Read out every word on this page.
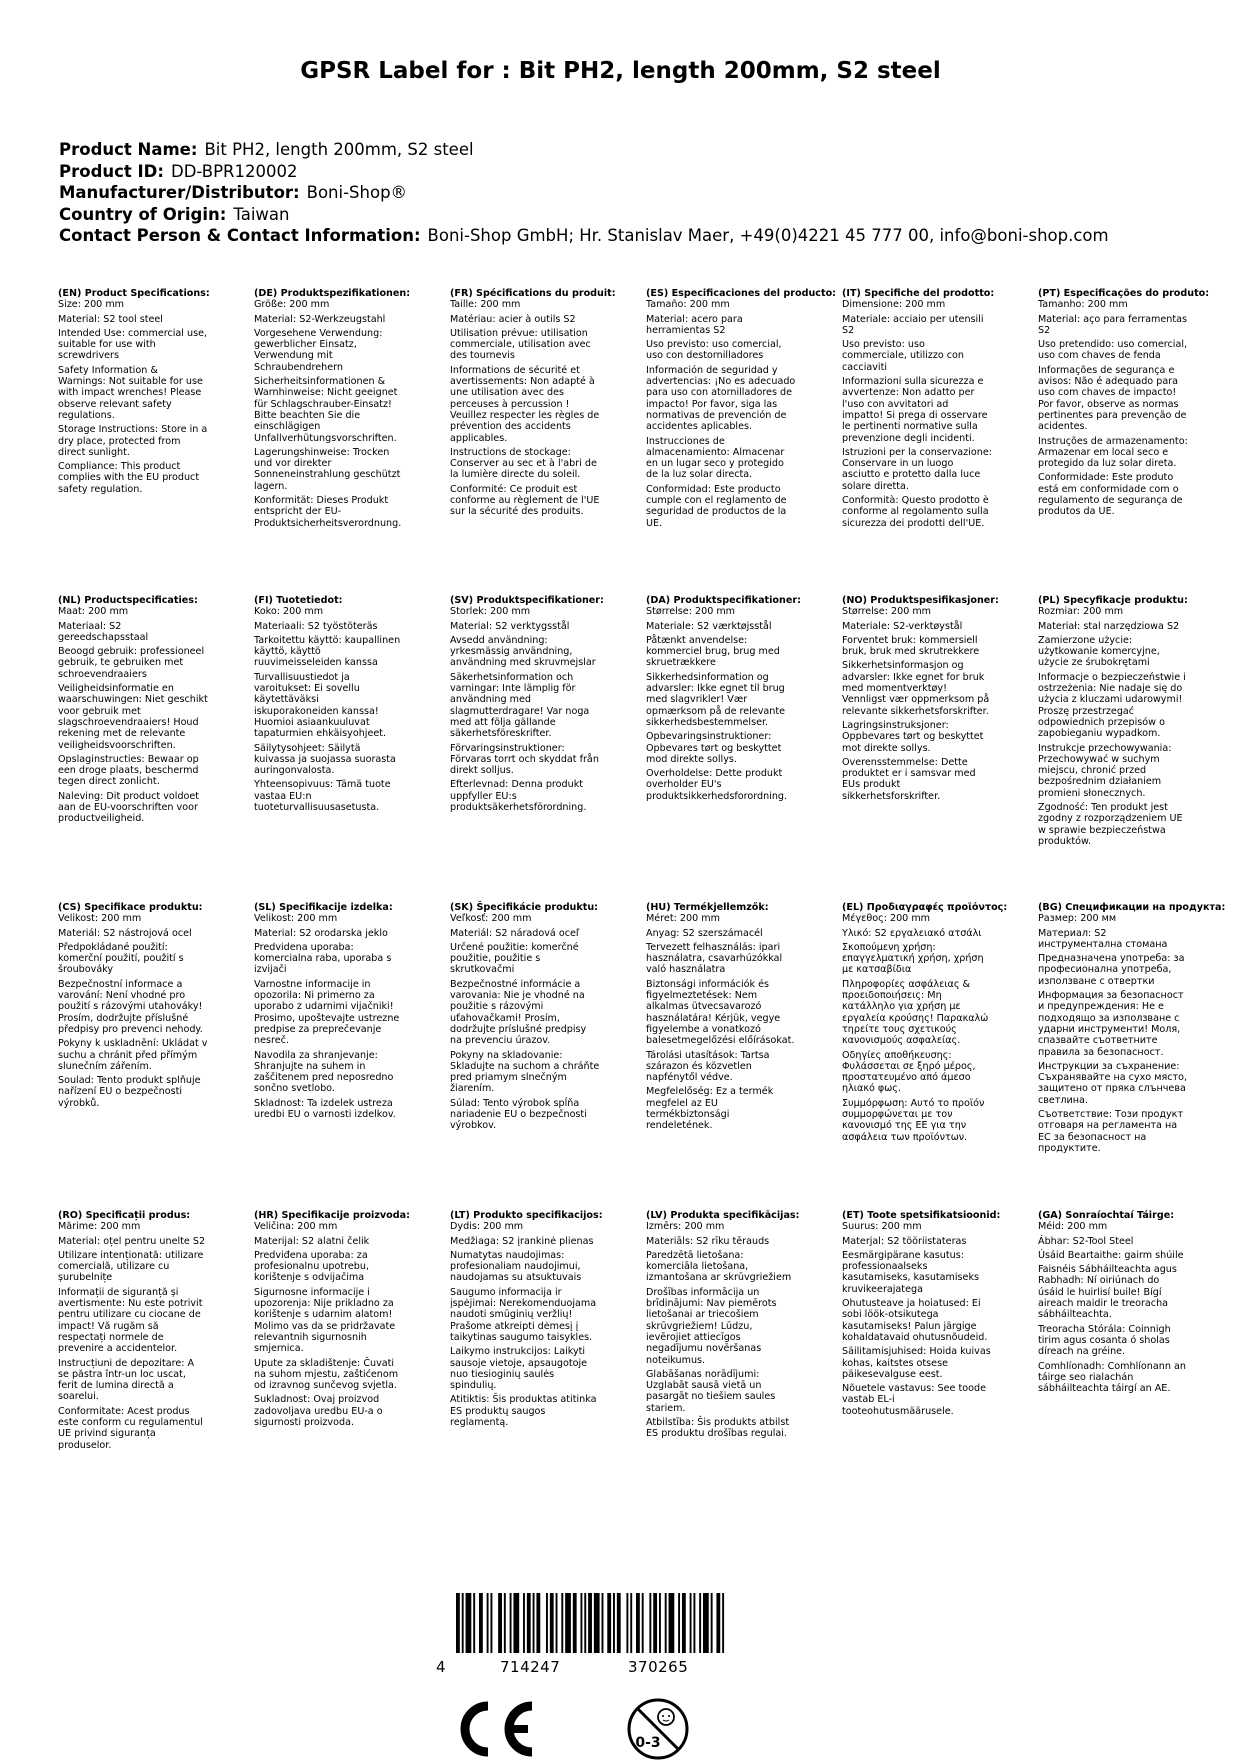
GPSR Label for : Bit PH2, length 200mm, S2 steel
Product Name: Bit PH2, length 200mm, S2 steel
Product ID: DD-BPR120002
Manufacturer/Distributor: Boni-Shop®
Country of Origin: Taiwan
Contact Person & Contact Information: Boni-Shop GmbH; Hr. Stanislav Maer, +49(0)4221 45 777 00, info@boni-shop.com
(EN) Product Specifications:
Size: 200 mm
Material: S2 tool steel
Intended Use: commercial use, suitable for use with screwdrivers
Safety Information & Warnings: Not suitable for use with impact wrenches! Please observe relevant safety regulations.
Storage Instructions: Store in a dry place, protected from direct sunlight.
Compliance: This product complies with the EU product safety regulation.
(DE) Produktspezifikationen:
Größe: 200 mm
Material: S2-Werkzeugstahl
Vorgesehene Verwendung: gewerblicher Einsatz, Verwendung mit Schraubendrehern
Sicherheitsinformationen & Warnhinweise: Nicht geeignet für Schlagschrauber-Einsatz! Bitte beachten Sie die einschlägigen Unfallverhütungsvorschriften.
Lagerungshinweise: Trocken und vor direkter Sonneneinstrahlung geschützt lagern.
Konformität: Dieses Produkt entspricht der EU-Produktsicherheitsverordnung.
(FR) Spécifications du produit:
Taille: 200 mm
Matériau: acier à outils S2
Utilisation prévue: utilisation commerciale, utilisation avec des tournevis
Informations de sécurité et avertissements: Non adapté à une utilisation avec des perceuses à percussion ! Veuillez respecter les règles de prévention des accidents applicables.
Instructions de stockage: Conserver au sec et à l'abri de la lumière directe du soleil.
Conformité: Ce produit est conforme au règlement de l'UE sur la sécurité des produits.
(ES) Especificaciones del producto:
Tamaño: 200 mm
Material: acero para herramientas S2
Uso previsto: uso comercial, uso con destornilladores
Información de seguridad y advertencias: ¡No es adecuado para uso con atornilladores de impacto! Por favor, siga las normativas de prevención de accidentes aplicables.
Instrucciones de almacenamiento: Almacenar en un lugar seco y protegido de la luz solar directa.
Conformidad: Este producto cumple con el reglamento de seguridad de productos de la UE.
(IT) Specifiche del prodotto:
Dimensione: 200 mm
Materiale: acciaio per utensili S2
Uso previsto: uso commerciale, utilizzo con cacciaviti
Informazioni sulla sicurezza e avvertenze: Non adatto per l'uso con avvitatori ad impatto! Si prega di osservare le pertinenti normative sulla prevenzione degli incidenti.
Istruzioni per la conservazione: Conservare in un luogo asciutto e protetto dalla luce solare diretta.
Conformità: Questo prodotto è conforme al regolamento sulla sicurezza dei prodotti dell'UE.
(PT) Especificações do produto:
Tamanho: 200 mm
Material: aço para ferramentas S2
Uso pretendido: uso comercial, uso com chaves de fenda
Informações de segurança e avisos: Não é adequado para uso com chaves de impacto! Por favor, observe as normas pertinentes para prevenção de acidentes.
Instruções de armazenamento: Armazenar em local seco e protegido da luz solar direta.
Conformidade: Este produto está em conformidade com o regulamento de segurança de produtos da UE.
(NL) Productspecificaties:
Maat: 200 mm
Materiaal: S2 gereedschapsstaal
Beoogd gebruik: professioneel gebruik, te gebruiken met schroevendraaiers
Veiligheidsinformatie en waarschuwingen: Niet geschikt voor gebruik met slagschroevendraaiers! Houd rekening met de relevante veiligheidsvoorschriften.
Opslaginstructies: Bewaar op een droge plaats, beschermd tegen direct zonlicht.
Naleving: Dit product voldoet aan de EU-voorschriften voor productveiligheid.
(FI) Tuotetiedot:
Koko: 200 mm
Materiaali: S2 työstöteräs
Tarkoitettu käyttö: kaupallinen käyttö, käyttö ruuvimeisseleiden kanssa
Turvallisuustiedot ja varoitukset: Ei sovellu käytettäväksi iskuporakoneiden kanssa! Huomioi asiaankuuluvat tapaturmien ehkäisyohjeet.
Säilytysohjeet: Säilytä kuivassa ja suojassa suorasta auringonvalosta.
Yhteensopivuus: Tämä tuote vastaa EU:n tuoteturvallisuusasetusta.
(SV) Produktspecifikationer:
Storlek: 200 mm
Material: S2 verktygsstål
Avsedd användning: yrkesmässig användning, användning med skruvmejslar
Säkerhetsinformation och varningar: Inte lämplig för användning med slagmutterdragare! Var noga med att följa gällande säkerhetsföreskrifter.
Förvaringsinstruktioner: Förvaras torrt och skyddat från direkt solljus.
Efterlevnad: Denna produkt uppfyller EU:s produktsäkerhetsförordning.
(DA) Produktspecifikationer:
Størrelse: 200 mm
Materiale: S2 værktøjsstål
Påtænkt anvendelse: kommerciel brug, brug med skruetrækkere
Sikkerhedsinformation og advarsler: Ikke egnet til brug med slagvrikler! Vær opmærksom på de relevante sikkerhedsbestemmelser.
Opbevaringsinstruktioner: Opbevares tørt og beskyttet mod direkte sollys.
Overholdelse: Dette produkt overholder EU's produktsikkerhedsforordning.
(NO) Produktspesifikasjoner:
Størrelse: 200 mm
Materiale: S2-verktøystål
Forventet bruk: kommersiell bruk, bruk med skrutrekkere
Sikkerhetsinformasjon og advarsler: Ikke egnet for bruk med momentverktøy! Vennligst vær oppmerksom på relevante sikkerhetsforskrifter.
Lagringsinstruksjoner: Oppbevares tørt og beskyttet mot direkte sollys.
Overensstemmelse: Dette produktet er i samsvar med EUs produkt sikkerhetsforskrifter.
(PL) Specyfikacje produktu:
Rozmiar: 200 mm
Materiał: stal narzędziowa S2
Zamierzone użycie: użytkowanie komercyjne, użycie ze śrubokrętami
Informacje o bezpieczeństwie i ostrzeżenia: Nie nadaje się do użycia z kluczami udarowymi! Proszę przestrzegać odpowiednich przepisów o zapobieganiu wypadkom.
Instrukcje przechowywania: Przechowywać w suchym miejscu, chronić przed bezpośrednim działaniem promieni słonecznych.
Zgodność: Ten produkt jest zgodny z rozporządzeniem UE w sprawie bezpieczeństwa produktów.
(CS) Specifikace produktu:
Velikost: 200 mm
Materiál: S2 nástrojová ocel
Předpokládané použití: komerční použití, použití s šroubováky
Bezpečnostní informace a varování: Není vhodné pro použití s rázovými utahováky! Prosím, dodržujte příslušné předpisy pro prevenci nehody.
Pokyny k uskladnění: Ukládat v suchu a chránit před přímým slunečním zářením.
Soulad: Tento produkt splňuje nařízení EU o bezpečnosti výrobků.
(SL) Specifikacije izdelka:
Velikost: 200 mm
Material: S2 orodarska jeklo
Predvidena uporaba: komercialna raba, uporaba s izvijači
Varnostne informacije in opozorila: Ni primerno za uporabo z udarnimi vijačniki! Prosimo, upoštevajte ustrezne predpise za preprečevanje nesreč.
Navodila za shranjevanje: Shranjujte na suhem in zaščitenem pred neposredno sončno svetlobo.
Skladnost: Ta izdelek ustreza uredbi EU o varnosti izdelkov.
(SK) Špecifikácie produktu:
Veľkosť: 200 mm
Materiál: S2 náradová oceľ
Určené použitie: komerčné použitie, použitie s skrutkovačmi
Bezpečnostné informácie a varovania: Nie je vhodné na použitie s rázovými uťahovačkami! Prosím, dodržujte príslušné predpisy na prevenciu úrazov.
Pokyny na skladovanie: Skladujte na suchom a chráňte pred priamym slnečným žiarením.
Súlad: Tento výrobok spĺňa nariadenie EU o bezpečnosti výrobkov.
(HU) Termékjellemzők:
Méret: 200 mm
Anyag: S2 szerszámacél
Tervezett felhasználás: ipari használatra, csavarhúzókkal való használatra
Biztonsági információk és figyelmeztetések: Nem alkalmas ütvecsavarozó használatára! Kérjük, vegye figyelembe a vonatkozó balesetmegelőzési előírásokat.
Tárolási utasítások: Tartsa szárazon és közvetlen napfénytől védve.
Megfelelőség: Ez a termék megfelel az EU termékbiztonsági rendeletének.
(EL) Προδιαγραφές προϊόντος:
Μέγεθος: 200 mm
Υλικό: S2 εργαλειακό ατσάλι
Σκοπούμενη χρήση: επαγγελματική χρήση, χρήση με κατσαβίδια
Πληροφορίες ασφάλειας & προειδοποιήσεις: Μη κατάλληλο για χρήση με εργαλεία κρούσης! Παρακαλώ τηρείτε τους σχετικούς κανονισμούς ασφαλείας.
Οδηγίες αποθήκευσης: Φυλάσσεται σε ξηρό μέρος, προστατευμένο από άμεσο ηλιακό φως.
Συμμόρφωση: Αυτό το προϊόν συμμορφώνεται με τον κανονισμό της ΕΕ για την ασφάλεια των προϊόντων.
(BG) Спецификации на продукта:
Размер: 200 мм
Материал: S2 инструментална стомана
Предназначена употреба: за професионална употреба, използване с отвертки
Информация за безопасност и предупреждения: Не е подходящо за използване с ударни инструменти! Моля, спазвайте съответните правила за безопасност.
Инструкции за съхранение: Съхранявайте на сухо място, защитено от пряка слънчева светлина.
Съответствие: Този продукт отговаря на регламента на ЕС за безопасност на продуктите.
(RO) Specificații produs:
Mărime: 200 mm
Material: oțel pentru unelte S2
Utilizare intenționată: utilizare comercială, utilizare cu șurubelnițe
Informații de siguranță și avertismente: Nu este potrivit pentru utilizare cu ciocane de impact! Vă rugăm să respectați normele de prevenire a accidentelor.
Instrucțiuni de depozitare: A se păstra într-un loc uscat, ferit de lumina directă a soarelui.
Conformitate: Acest produs este conform cu regulamentul UE privind siguranța produselor.
(HR) Specifikacije proizvoda:
Veličina: 200 mm
Materijal: S2 alatni čelik
Predviđena uporaba: za profesionalnu upotrebu, korištenje s odvijačima
Sigurnosne informacije i upozorenja: Nije prikladno za korištenje s udarnim alatom! Molimo vas da se pridržavate relevantnih sigurnosnih smjernica.
Upute za skladištenje: Čuvati na suhom mjestu, zaštićenom od izravnog sunčevog svjetla.
Sukladnost: Ovaj proizvod zadovoljava uredbu EU-a o sigurnosti proizvoda.
(LT) Produkto specifikacijos:
Dydis: 200 mm
Medžiaga: S2 įrankinė plienas
Numatytas naudojimas: profesionaliam naudojimui, naudojamas su atsuktuvais
Saugumo informacija ir įspėjimai: Nerekomenduojama naudoti smūginių veržlių! Prašome atkreipti dėmesį į taikytinas saugumo taisykles.
Laikymo instrukcijos: Laikyti sausoje vietoje, apsaugotoje nuo tiesioginių saulės spindulių.
Atitiktis: Šis produktas atitinka ES produktų saugos reglamentą.
(LV) Produkta specifikācijas:
Izmērs: 200 mm
Materiāls: S2 rīku tērauds
Paredzētā lietošana: komerciāla lietošana, izmantošana ar skrūvgriežiem
Drošības informācija un brīdinājumi: Nav piemērots lietošanai ar triecošiem skrūvgriežiem! Lūdzu, ievērojiet attiecīgos negadījumu novēršanas noteikumus.
Glabāšanas norādījumi: Uzglabāt sausā vietā un pasargāt no tiešiem saules stariem.
Atbilstība: Šis produkts atbilst ES produktu drošības regulai.
(ET) Toote spetsifikatsioonid:
Suurus: 200 mm
Materjal: S2 tööriistateras
Eesmärgipärane kasutus: professionaalseks kasutamiseks, kasutamiseks kruvikeerajatega
Ohutusteave ja hoiatused: Ei sobi löök-otsikutega kasutamiseks! Palun järgige kohaldatavaid ohutusnõudeid.
Säilitamisjuhised: Hoida kuivas kohas, kaitstes otsese päikesevalguse eest.
Nõuetele vastavus: See toode vastab EL-i tooteohutusmäärusele.
(GA) Sonraíochtaí Táirge:
Méid: 200 mm
Ábhar: S2-Tool Steel
Úsáid Beartaithe: gairm shúile
Faisnéis Sábháilteachta agus Rabhadh: Ní oiriúnach do úsáid le huirlisí buile! Bígí aireach maidir le treoracha sábháilteachta.
Treoracha Stórála: Coinnigh tirim agus cosanta ó sholas díreach na gréine.
Comhlíonadh: Comhlíonann an táirge seo rialachán sábháilteachta táirgí an AE.
4	714247	370265
0-3
